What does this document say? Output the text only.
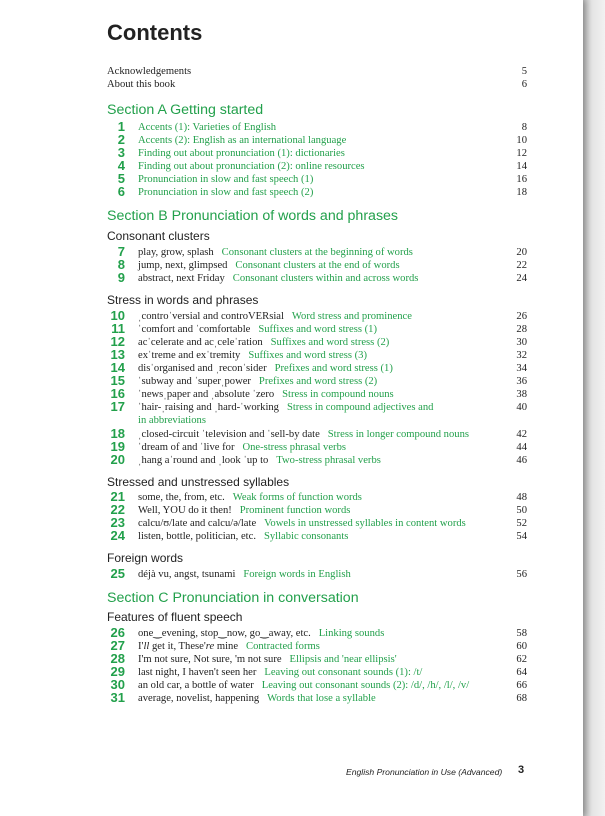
Contents
Acknowledgements	5
About this book	6
Section A Getting started
1 Accents (1): Varieties of English	8
2 Accents (2): English as an international language	10
3 Finding out about pronunciation (1): dictionaries	12
4 Finding out about pronunciation (2): online resources	14
5 Pronunciation in slow and fast speech (1)	16
6 Pronunciation in slow and fast speech (2)	18
Section B Pronunciation of words and phrases
Consonant clusters
7 play, grow, splash Consonant clusters at the beginning of words	20
8 jump, next, glimpsed Consonant clusters at the end of words	22
9 abstract, next Friday Consonant clusters within and across words	24
Stress in words and phrases
10 ˌcontroˈversial and controVERsial Word stress and prominence	26
11 ˈcomfort and ˈcomfortable Suffixes and word stress (1)	28
12 acˈcelerate and acˌceleˈration Suffixes and word stress (2)	30
13 exˈtreme and exˈtremity Suffixes and word stress (3)	32
14 disˈorganised and ˌreconˈsider Prefixes and word stress (1)	34
15 ˈsubway and ˈsuperˌpower Prefixes and word stress (2)	36
16 ˈnewsˌpaper and ˌabsolute ˈzero Stress in compound nouns	38
17 ˈhair-ˌraising and ˌhard-ˈworking Stress in compound adjectives and	40
in abbreviations
18 ˌclosed-circuit ˈtelevision and ˈsell-by date Stress in longer compound nouns	42
19 ˈdream of and ˈlive for One-stress phrasal verbs	44
20 ˌhang aˈround and ˌlook ˈup to Two-stress phrasal verbs	46
Stressed and unstressed syllables
21 some, the, from, etc. Weak forms of function words	48
22 Well, YOU do it then! Prominent function words	50
23 calcu/ʊ/late and calcu/ə/late Vowels in unstressed syllables in content words	52
24 listen, bottle, politician, etc. Syllabic consonants	54
Foreign words
25 déjà vu, angst, tsunami Foreign words in English	56
Section C Pronunciation in conversation
Features of fluent speech
26 one‿evening, stop‿now, go‿away, etc. Linking sounds	58
27 I'll get it, These're mine Contracted forms	60
28 I'm not sure, Not sure, 'm not sure Ellipsis and 'near ellipsis'	62
29 last night, I haven't seen her Leaving out consonant sounds (1): /t/	64
30 an old car, a bottle of water Leaving out consonant sounds (2): /d/, /h/, /l/, /v/	66
31 average, novelist, happening Words that lose a syllable	68
English Pronunciation in Use (Advanced) 3
